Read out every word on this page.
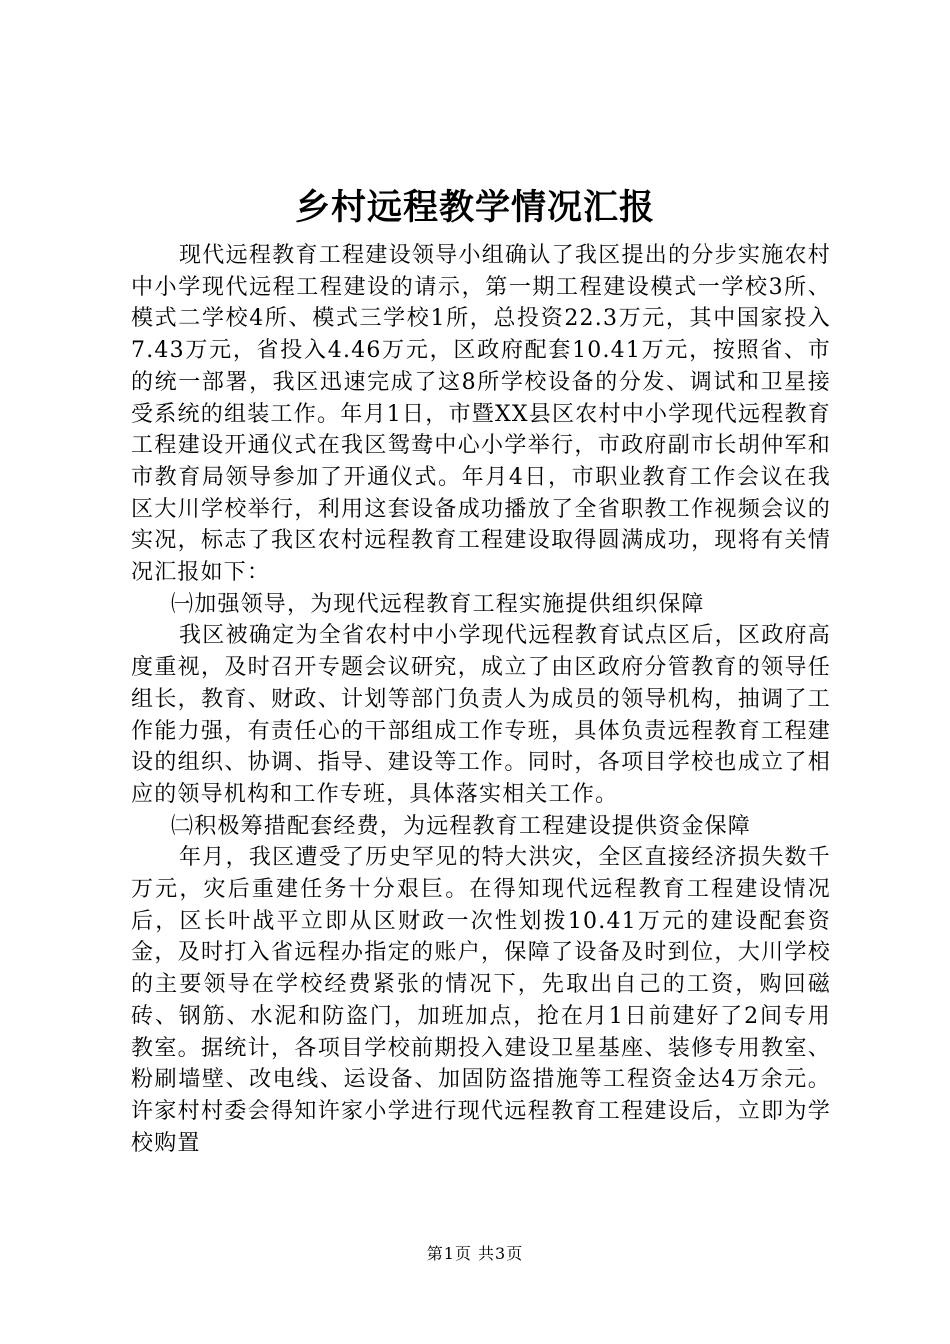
乡村远程教学情况汇报

现代远程教育工程建设领导小组确认了我区提出的分步实施农村中小学现代远程工程建设的请示，第一期工程建设模式一学校3所、模式二学校4所、模式三学校1所，总投资22.3万元，其中国家投入7.43万元，省投入4.46万元，区政府配套10.41万元，按照省、市的统一部署，我区迅速完成了这8所学校设备的分发、调试和卫星接受系统的组装工作。年月1日，市暨XX县区农村中小学现代远程教育工程建设开通仪式在我区鸳鸯中心小学举行，市政府副市长胡仲军和市教育局领导参加了开通仪式。年月4日，市职业教育工作会议在我区大川学校举行，利用这套设备成功播放了全省职教工作视频会议的实况，标志了我区农村远程教育工程建设取得圆满成功，现将有关情况汇报如下：

㈠加强领导，为现代远程教育工程实施提供组织保障

我区被确定为全省农村中小学现代远程教育试点区后，区政府高度重视，及时召开专题会议研究，成立了由区政府分管教育的领导任组长，教育、财政、计划等部门负责人为成员的领导机构，抽调了工作能力强，有责任心的干部组成工作专班，具体负责远程教育工程建设的组织、协调、指导、建设等工作。同时，各项目学校也成立了相应的领导机构和工作专班，具体落实相关工作。

㈡积极筹措配套经费，为远程教育工程建设提供资金保障

年月，我区遭受了历史罕见的特大洪灾，全区直接经济损失数千万元，灾后重建任务十分艰巨。在得知现代远程教育工程建设情况后，区长叶战平立即从区财政一次性划拨10.41万元的建设配套资金，及时打入省远程办指定的账户，保障了设备及时到位，大川学校的主要领导在学校经费紧张的情况下，先取出自己的工资，购回磁砖、钢筋、水泥和防盗门，加班加点，抢在月1日前建好了2间专用教室。据统计，各项目学校前期投入建设卫星基座、装修专用教室、粉刷墙壁、改电线、运设备、加固防盗措施等工程资金达4万余元。许家村村委会得知许家小学进行现代远程教育工程建设后，立即为学校购置

第1页 共3页
